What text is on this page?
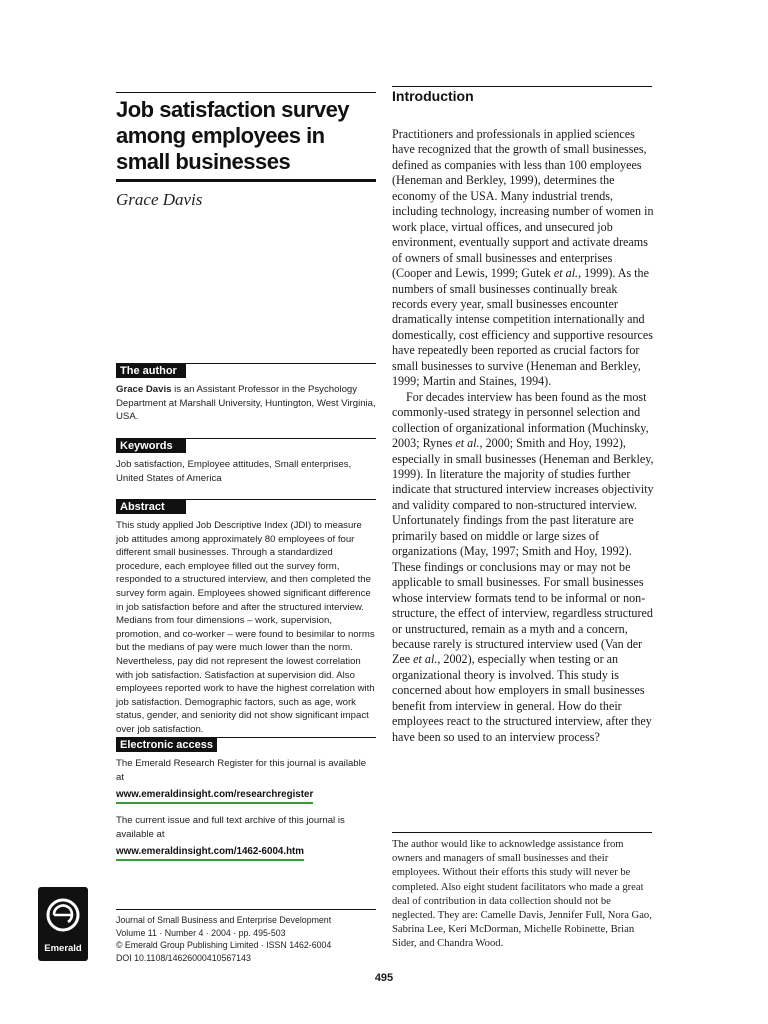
Job satisfaction survey among employees in small businesses
Grace Davis
The author
Grace Davis is an Assistant Professor in the Psychology Department at Marshall University, Huntington, West Virginia, USA.
Keywords
Job satisfaction, Employee attitudes, Small enterprises, United States of America
Abstract
This study applied Job Descriptive Index (JDI) to measure job attitudes among approximately 80 employees of four different small businesses. Through a standardized procedure, each employee filled out the survey form, responded to a structured interview, and then completed the survey form again. Employees showed significant difference in job satisfaction before and after the structured interview. Medians from four dimensions – work, supervision, promotion, and co-worker – were found to besimilar to norms but the medians of pay were much lower than the norm. Nevertheless, pay did not represent the lowest correlation with job satisfaction. Satisfaction at supervision did. Also employees reported work to have the highest correlation with job satisfaction. Demographic factors, such as age, work status, gender, and seniority did not show significant impact over job satisfaction.
Electronic access
The Emerald Research Register for this journal is available at
www.emeraldinsight.com/researchregister
The current issue and full text archive of this journal is available at
www.emeraldinsight.com/1462-6004.htm
Emerald
Journal of Small Business and Enterprise Development
Volume 11 · Number 4 · 2004 · pp. 495-503
© Emerald Group Publishing Limited · ISSN 1462-6004
DOI 10.1108/14626000410567143
Introduction

Practitioners and professionals in applied sciences have recognized that the growth of small businesses, defined as companies with less than 100 employees (Heneman and Berkley, 1999), determines the economy of the USA. Many industrial trends, including technology, increasing number of women in work place, virtual offices, and unsecured job environment, eventually support and activate dreams of owners of small businesses and enterprises (Cooper and Lewis, 1999; Gutek et al., 1999). As the numbers of small businesses continually break records every year, small businesses encounter dramatically intense competition internationally and domestically, cost efficiency and supportive resources have repeatedly been reported as crucial factors for small businesses to survive (Heneman and Berkley, 1999; Martin and Staines, 1994).

For decades interview has been found as the most commonly-used strategy in personnel selection and collection of organizational information (Muchinsky, 2003; Rynes et al., 2000; Smith and Hoy, 1992), especially in small businesses (Heneman and Berkley, 1999). In literature the majority of studies further indicate that structured interview increases objectivity and validity compared to non-structured interview. Unfortunately findings from the past literature are primarily based on middle or large sizes of organizations (May, 1997; Smith and Hoy, 1992). These findings or conclusions may or may not be applicable to small businesses. For small businesses whose interview formats tend to be informal or non-structure, the effect of interview, regardless structured or unstructured, remain as a myth and a concern, because rarely is structured interview used (Van der Zee et al., 2002), especially when testing or an organizational theory is involved. This study is concerned about how employers in small businesses benefit from interview in general. How do their employees react to the structured interview, after they have been so used to an interview process?

The author would like to acknowledge assistance from owners and managers of small businesses and their employees. Without their efforts this study will never be completed. Also eight student facilitators who made a great deal of contribution in data collection should not be neglected. They are: Camelle Davis, Jennifer Full, Nora Gao, Sabrina Lee, Keri McDorman, Michelle Robinette, Brian Sider, and Chandra Wood.
495
